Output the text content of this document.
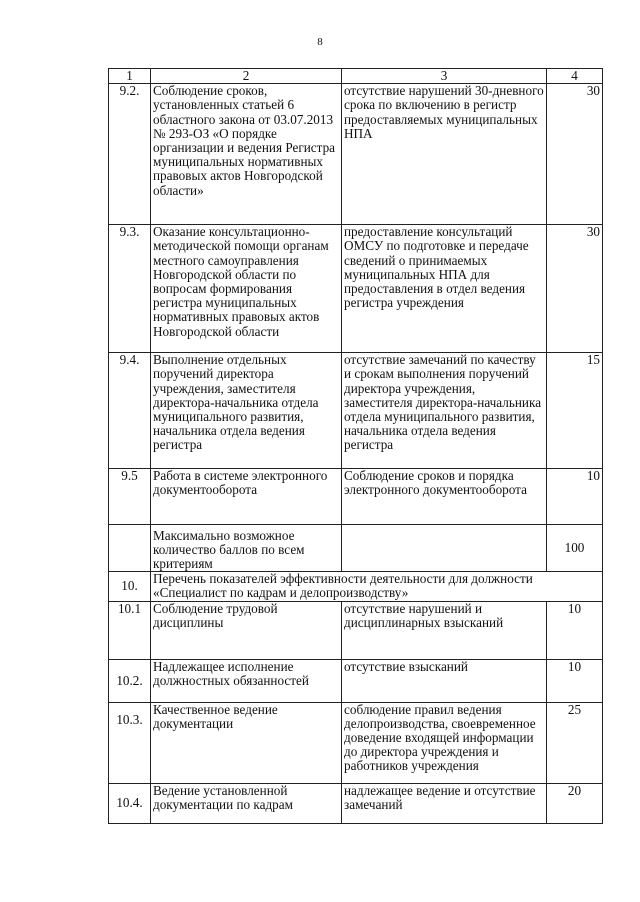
8
1	2	3	4
9.2.	Соблюдение сроков, установленных статьей 6 областного закона от 03.07.2013 № 293-ОЗ «О порядке организации и ведения Регистра муниципальных нормативных правовых актов Новгородской области»	отсутствие нарушений 30-дневного срока по включению в регистр предоставляемых муниципальных НПА	30
9.3.	Оказание консультационно-методической помощи органам местного самоуправления Новгородской области по вопросам формирования регистра муниципальных нормативных правовых актов Новгородской области	предоставление консультаций ОМСУ по подготовке и передаче сведений о принимаемых муниципальных НПА для предоставления в отдел ведения регистра учреждения	30
9.4.	Выполнение отдельных поручений директора учреждения, заместителя директора-начальника отдела муниципального развития, начальника отдела ведения регистра	отсутствие замечаний по качеству и срокам выполнения поручений директора учреждения, заместителя директора-начальника отдела муниципального развития, начальника отдела ведения регистра	15
9.5	Работа в системе электронного документооборота	Соблюдение сроков и порядка электронного документооборота	10
	Максимально возможное количество баллов по всем критериям		100
10.	Перечень показателей эффективности деятельности для должности «Специалист по кадрам и делопроизводству»		
10.1	Соблюдение трудовой дисциплины	отсутствие нарушений и дисциплинарных взысканий	10
10.2.	Надлежащее исполнение должностных обязанностей	отсутствие взысканий	10
10.3.	Качественное ведение документации	соблюдение правил ведения делопроизводства, своевременное доведение входящей информации до директора учреждения и работников учреждения	25
10.4.	Ведение установленной документации по кадрам	надлежащее ведение и отсутствие замечаний	20
